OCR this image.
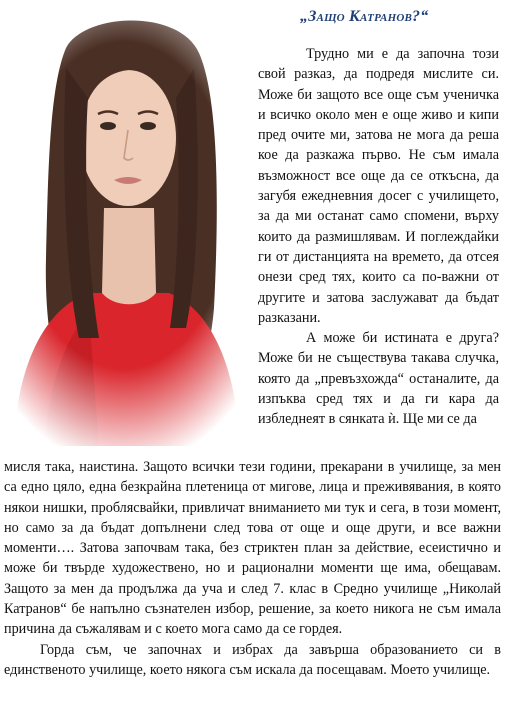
„Защо Катранов?“

Трудно ми е да започна този свой разказ, да подредя мислите си. Може би защото все още съм ученичка и всичко около мен е още живо и кипи пред очите ми, затова не мога да реша кое да разкажа първо. Не съм имала възможност все още да се откъсна, да загубя ежедневния досег с училището, за да ми останат само спомени, върху които да размишлявам. И поглеждайки ги от дистанцията на времето, да отсея онези сред тях, които са по-важни от другите и затова заслужават да бъдат разказани.

А може би истината е друга? Може би не съществува такава случка, която да „превъзхожда“ останалите, да изпъква сред тях и да ги кара да избледнеят в сянката ѝ. Ще ми се да

мисля така, наистина. Защото всички тези години, прекарани в училище, за мен са едно цяло, една безкрайна плетеница от мигове, лица и преживявания, в която някои нишки, проблясвайки, привличат вниманието ми тук и сега, в този момент, но само за да бъдат допълнени след това от още и още други, и все важни моменти…. Затова започвам така, без стриктен план за действие, есеистично и може би твърде художествено, но и рационални моменти ще има, обещавам. Защото за мен да продължа да уча и след 7. клас в Средно училище „Николай Катранов“ бе напълно съзнателен избор, решение, за което никога не съм имала причина да съжалявам и с което мога само да се гордея.

Горда съм, че започнах и избрах да завърша образованието си в единственото училище, което някога съм искала да посещавам. Моето училище.
